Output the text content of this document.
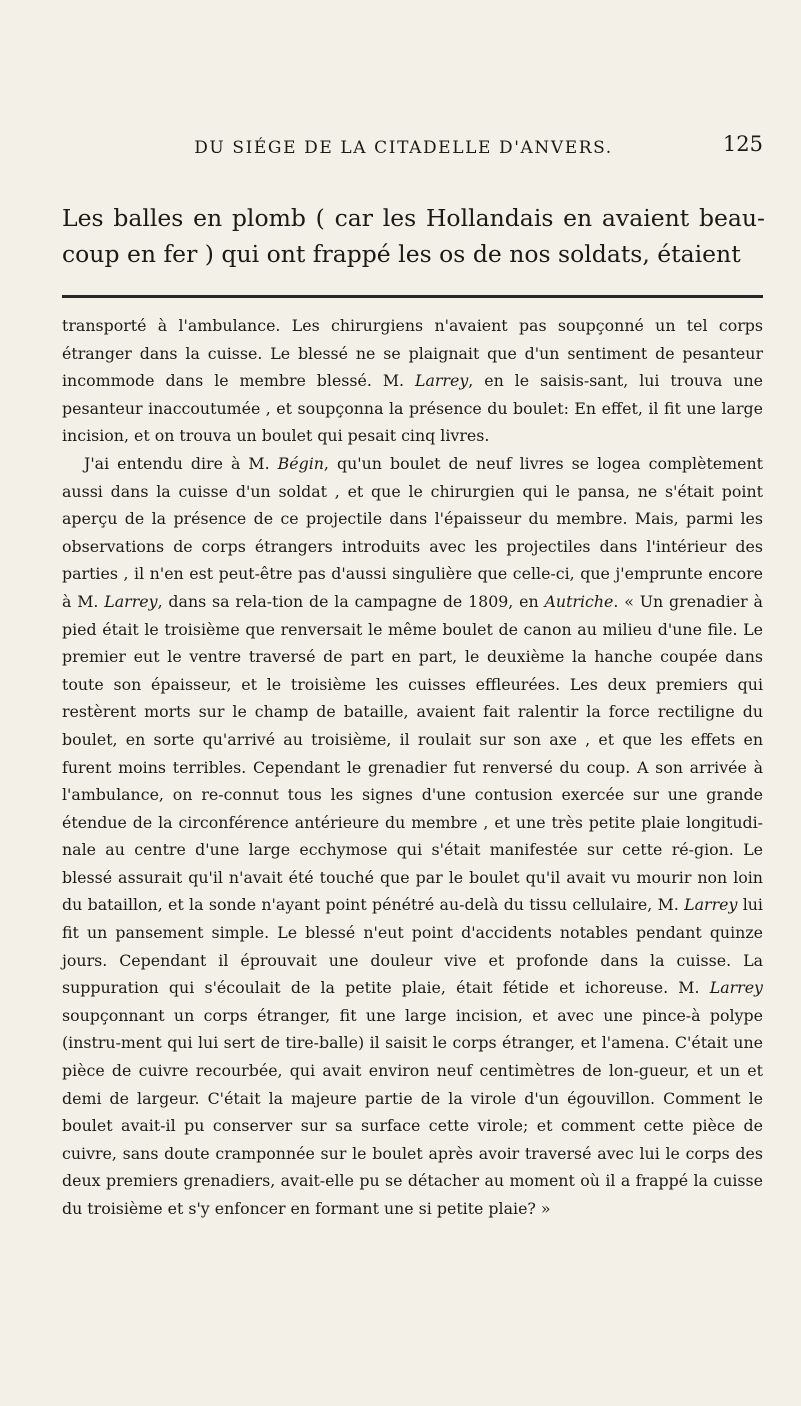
DU SIÉGE DE LA CITADELLE D'ANVERS.	125
Les balles en plomb ( car les Hollandais en avaient beau-coup en fer ) qui ont frappé les os de nos soldats, étaient

transporté à l'ambulance. Les chirurgiens n'avaient pas soupçonné un tel corps étranger dans la cuisse. Le blessé ne se plaignait que d'un sentiment de pesanteur incommode dans le membre blessé. M. Larrey, en le saisis-sant, lui trouva une pesanteur inaccoutumée , et soupçonna la présence du boulet: En effet, il fit une large incision, et on trouva un boulet qui pesait cinq livres.

J'ai entendu dire à M. Bégin, qu'un boulet de neuf livres se logea complètement aussi dans la cuisse d'un soldat , et que le chirurgien qui le pansa, ne s'était point aperçu de la présence de ce projectile dans l'épaisseur du membre. Mais, parmi les observations de corps étrangers introduits avec les projectiles dans l'intérieur des parties , il n'en est peut-être pas d'aussi singulière que celle-ci, que j'emprunte encore à M. Larrey, dans sa rela-tion de la campagne de 1809, en Autriche. « Un grenadier à pied était le troisième que renversait le même boulet de canon au milieu d'une file. Le premier eut le ventre traversé de part en part, le deuxième la hanche coupée dans toute son épaisseur, et le troisième les cuisses effleurées. Les deux premiers qui restèrent morts sur le champ de bataille, avaient fait ralentir la force rectiligne du boulet, en sorte qu'arrivé au troisième, il roulait sur son axe , et que les effets en furent moins terribles. Cependant le grenadier fut renversé du coup. A son arrivée à l'ambulance, on re-connut tous les signes d'une contusion exercée sur une grande étendue de la circonférence antérieure du membre , et une très petite plaie longitudi-nale au centre d'une large ecchymose qui s'était manifestée sur cette ré-gion. Le blessé assurait qu'il n'avait été touché que par le boulet qu'il avait vu mourir non loin du bataillon, et la sonde n'ayant point pénétré au-delà du tissu cellulaire, M. Larrey lui fit un pansement simple. Le blessé n'eut point d'accidents notables pendant quinze jours. Cependant il éprouvait une douleur vive et profonde dans la cuisse. La suppuration qui s'écoulait de la petite plaie, était fétide et ichoreuse. M. Larrey soupçonnant un corps étranger, fit une large incision, et avec une pince-à polype (instru-ment qui lui sert de tire-balle) il saisit le corps étranger, et l'amena. C'était une pièce de cuivre recourbée, qui avait environ neuf centimètres de lon-gueur, et un et demi de largeur. C'était la majeure partie de la virole d'un égouvillon. Comment le boulet avait-il pu conserver sur sa surface cette virole; et comment cette pièce de cuivre, sans doute cramponnée sur le boulet après avoir traversé avec lui le corps des deux premiers grenadiers, avait-elle pu se détacher au moment où il a frappé la cuisse du troisième et s'y enfoncer en formant une si petite plaie? »
